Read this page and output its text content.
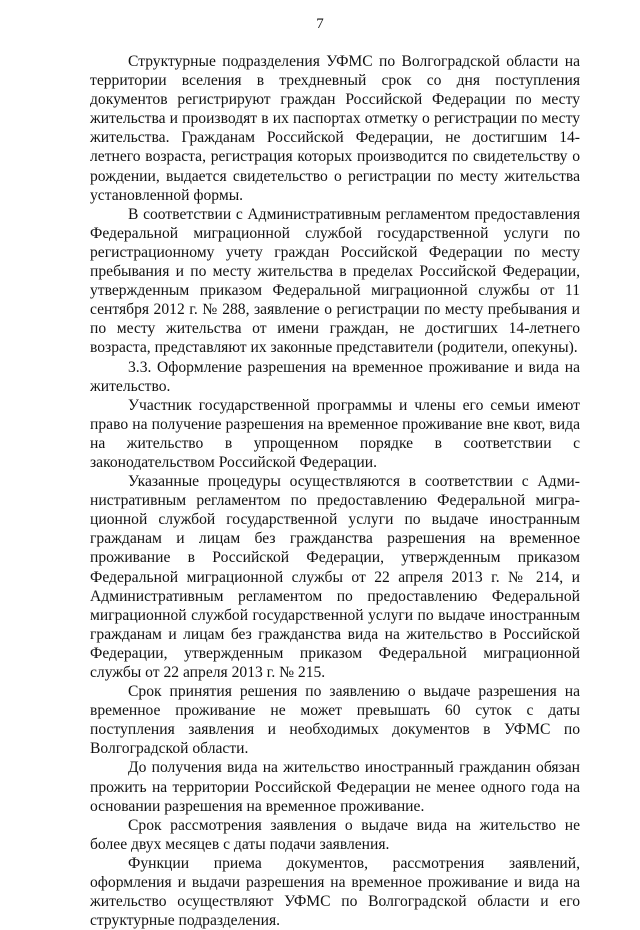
7

Структурные подразделения УФМС по Волгоградской области на территории вселения в трехдневный срок со дня поступления документов регистрируют граждан Российской Федерации по месту жительства и производят в их паспортах отметку о регистрации по месту жительства. Гражданам Российской Федерации, не достигшим 14-летнего возраста, регистрация которых производится по свидетельству о рождении, выдается свидетельство о регистрации по месту жительства установленной формы.

В соответствии с Административным регламентом предоставления Федеральной миграционной службой государственной услуги по регистрационному учету граждан Российской Федерации по месту пребывания и по месту жительства в пределах Российской Федерации, утвержденным приказом Федеральной миграционной службы от 11 сентября 2012 г. № 288, заявление о регистрации по месту пребывания и по месту жительства от имени граждан, не достигших 14-летнего возраста, представляют их законные представители (родители, опекуны).

3.3. Оформление разрешения на временное проживание и вида на жительство.

Участник государственной программы и члены его семьи имеют право на получение разрешения на временное проживание вне квот, вида на жительство в упрощенном порядке в соответствии с законодательством Российской Федерации.

Указанные процедуры осуществляются в соответствии с Административным регламентом по предоставлению Федеральной миграционной службой государственной услуги по выдаче иностранным гражданам и лицам без гражданства разрешения на временное проживание в Российской Федерации, утвержденным приказом Федеральной миграционной службы от 22 апреля 2013 г. № 214, и Административным регламентом по предоставлению Федеральной миграционной службой государственной услуги по выдаче иностранным гражданам и лицам без гражданства вида на жительство в Российской Федерации, утвержденным приказом Федеральной миграционной службы от 22 апреля 2013 г. № 215.

Срок принятия решения по заявлению о выдаче разрешения на временное проживание не может превышать 60 суток с даты поступления заявления и необходимых документов в УФМС по Волгоградской области.

До получения вида на жительство иностранный гражданин обязан прожить на территории Российской Федерации не менее одного года на основании разрешения на временное проживание.

Срок рассмотрения заявления о выдаче вида на жительство не более двух месяцев с даты подачи заявления.

Функции приема документов, рассмотрения заявлений, оформления и выдачи разрешения на временное проживание и вида на жительство осуществляют УФМС по Волгоградской области и его структурные подразделения.
